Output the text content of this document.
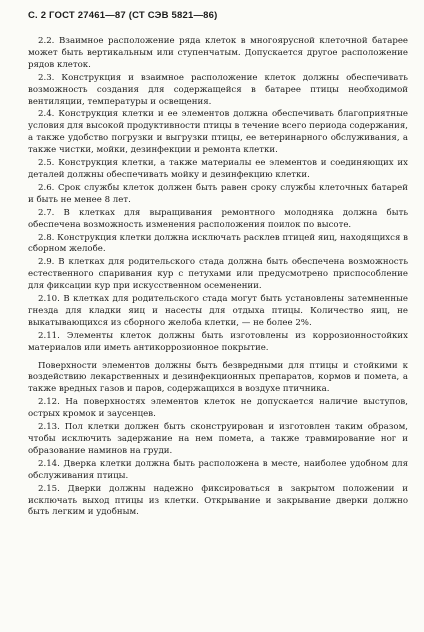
С. 2 ГОСТ 27461—87 (СТ СЭВ 5821—86)

2.2. Взаимное расположение ряда клеток в многоярусной клеточной батарее может быть вертикальным или ступенчатым. Допускается другое расположение рядов клеток.

2.3. Конструкция и взаимное расположение клеток должны обеспечивать возможность создания для содержащейся в батарее птицы необходимой вентиляции, температуры и освещения.

2.4. Конструкция клетки и ее элементов должна обеспечивать благоприятные условия для высокой продуктивности птицы в течение всего периода содержания, а также удобство погрузки и выгрузки птицы, ее ветеринарного обслуживания, а также чистки, мойки, дезинфекции и ремонта клетки.

2.5. Конструкция клетки, а также материалы ее элементов и соединяющих их деталей должны обеспечивать мойку и дезинфекцию клетки.

2.6. Срок службы клеток должен быть равен сроку службы клеточных батарей и быть не менее 8 лет.

2.7. В клетках для выращивания ремонтного молодняка должна быть обеспечена возможность изменения расположения поилок по высоте.

2.8. Конструкция клетки должна исключать расклев птицей яиц, находящихся в сборном желобе.

2.9. В клетках для родительского стада должна быть обеспечена возможность естественного спаривания кур с петухами или предусмотрено приспособление для фиксации кур при искусственном осеменении.

2.10. В клетках для родительского стада могут быть установлены затемненные гнезда для кладки яиц и насесты для отдыха птицы. Количество яиц, не выкатывающихся из сборного желоба клетки, — не более 2%.

2.11. Элементы клеток должны быть изготовлены из коррозионностойких материалов или иметь антикоррозионное покрытие.

Поверхности элементов должны быть безвредными для птицы и стойкими к воздействию лекарственных и дезинфекционных препаратов, кормов и помета, а также вредных газов и паров, содержащихся в воздухе птичника.

2.12. На поверхностях элементов клеток не допускается наличие выступов, острых кромок и заусенцев.

2.13. Пол клетки должен быть сконструирован и изготовлен таким образом, чтобы исключить задержание на нем помета, а также травмирование ног и образование наминов на груди.

2.14. Дверка клетки должна быть расположена в месте, наиболее удобном для обслуживания птицы.

2.15. Дверки должны надежно фиксироваться в закрытом положении и исключать выход птицы из клетки. Открывание и закрывание дверки должно быть легким и удобным.
